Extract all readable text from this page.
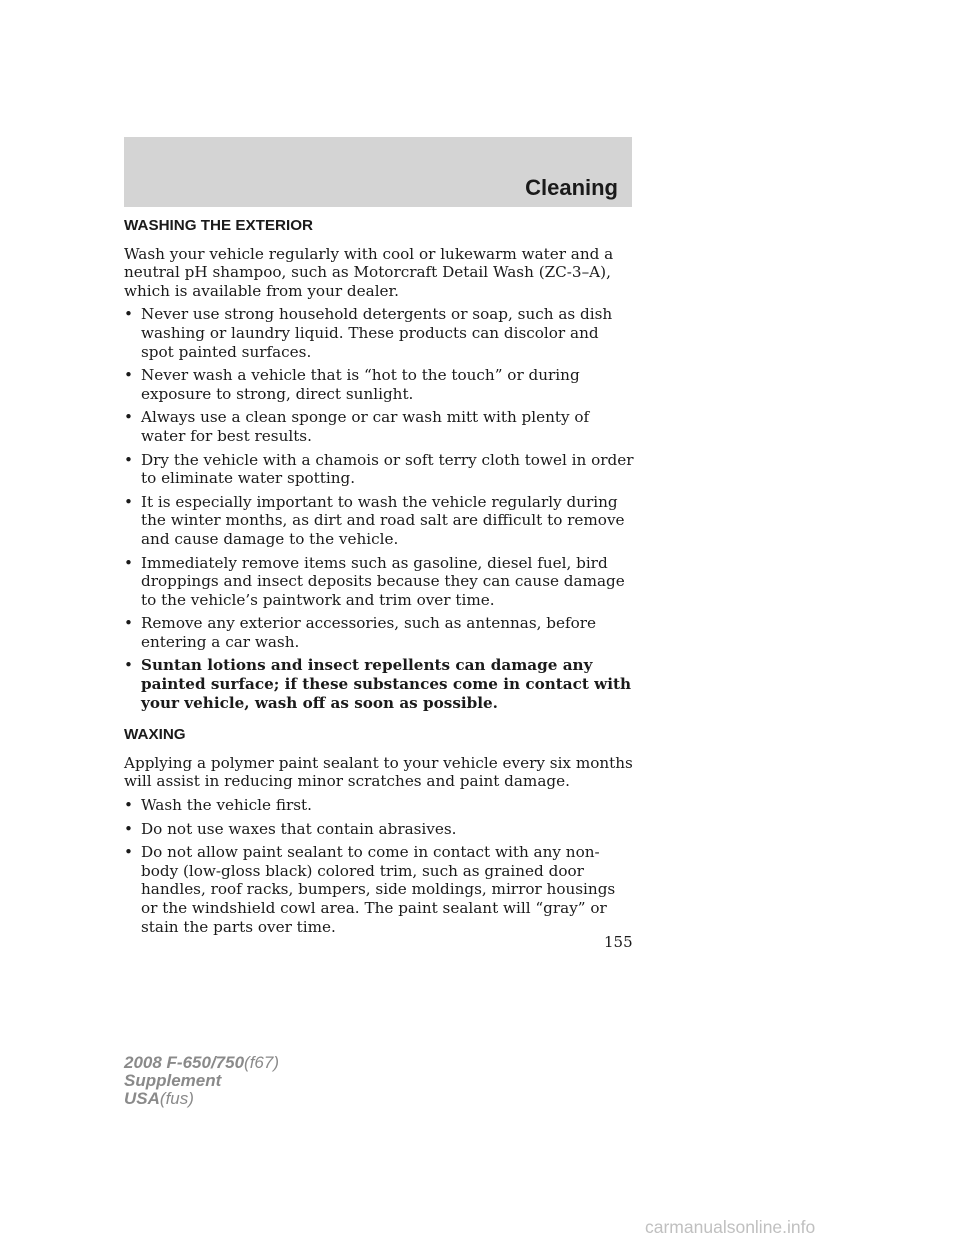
Cleaning
WASHING THE EXTERIOR

Wash your vehicle regularly with cool or lukewarm water and a neutral pH shampoo, such as Motorcraft Detail Wash (ZC-3–A), which is available from your dealer.

• Never use strong household detergents or soap, such as dish washing or laundry liquid. These products can discolor and spot painted surfaces.
• Never wash a vehicle that is “hot to the touch” or during exposure to strong, direct sunlight.
• Always use a clean sponge or car wash mitt with plenty of water for best results.
• Dry the vehicle with a chamois or soft terry cloth towel in order to eliminate water spotting.
• It is especially important to wash the vehicle regularly during the winter months, as dirt and road salt are difficult to remove and cause damage to the vehicle.
• Immediately remove items such as gasoline, diesel fuel, bird droppings and insect deposits because they can cause damage to the vehicle’s paintwork and trim over time.
• Remove any exterior accessories, such as antennas, before entering a car wash.
• Suntan lotions and insect repellents can damage any painted surface; if these substances come in contact with your vehicle, wash off as soon as possible.
WAXING

Applying a polymer paint sealant to your vehicle every six months will assist in reducing minor scratches and paint damage.

• Wash the vehicle first.
• Do not use waxes that contain abrasives.
• Do not allow paint sealant to come in contact with any non-body (low-gloss black) colored trim, such as grained door handles, roof racks, bumpers, side moldings, mirror housings or the windshield cowl area. The paint sealant will “gray” or stain the parts over time.
155
2008 F-650/750(f67)
Supplement
USA(fus)
carmanualsonline.info
